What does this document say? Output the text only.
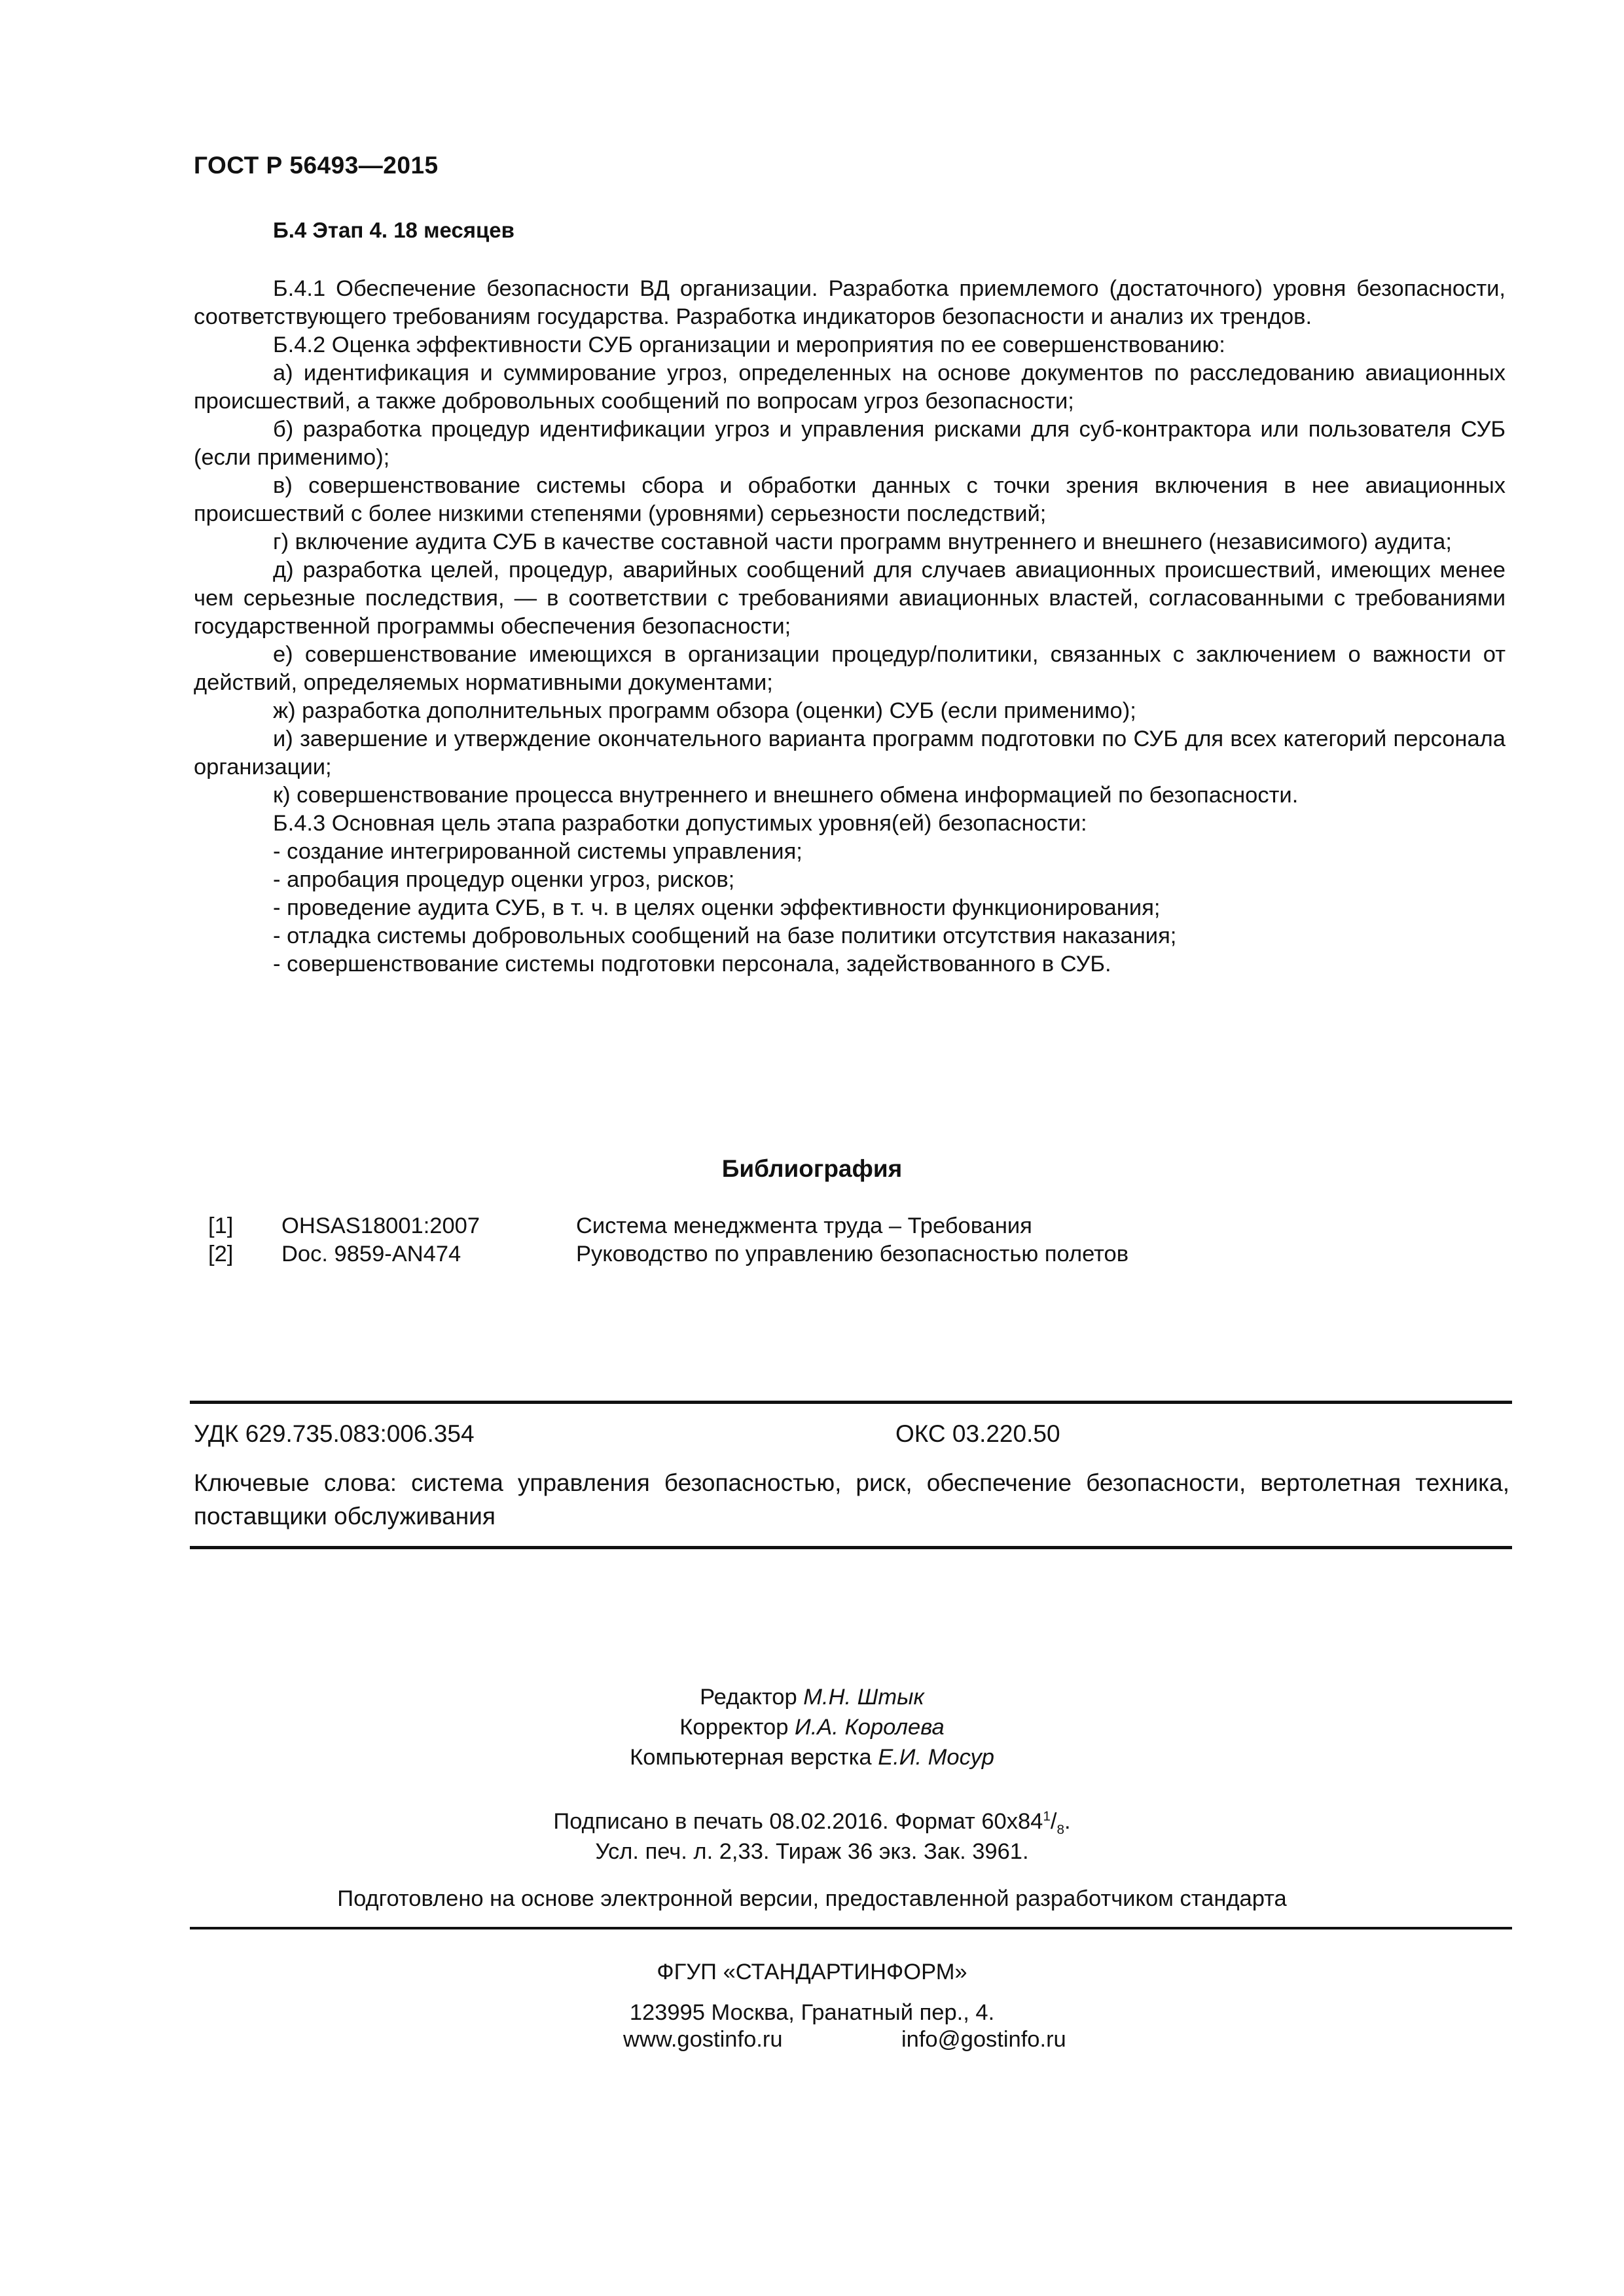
ГОСТ Р 56493—2015
Б.4 Этап 4. 18 месяцев

Б.4.1 Обеспечение безопасности ВД организации. Разработка приемлемого (достаточного) уровня безопасности, соответствующего требованиям государства. Разработка индикаторов безопасности и анализ их трендов.

Б.4.2 Оценка эффективности СУБ организации и мероприятия по ее совершенствованию:

а) идентификация и суммирование угроз, определенных на основе документов по расследованию авиационных происшествий, а также добровольных сообщений по вопросам угроз безопасности;

б) разработка процедур идентификации угроз и управления рисками для суб-контрактора или пользователя СУБ (если применимо);

в) совершенствование системы сбора и обработки данных с точки зрения включения в нее авиационных происшествий с более низкими степенями (уровнями) серьезности последствий;

г) включение аудита СУБ в качестве составной части программ внутреннего и внешнего (независимого) аудита;

д) разработка целей, процедур, аварийных сообщений для случаев авиационных происшествий, имеющих менее чем серьезные последствия, — в соответствии с требованиями авиационных властей, согласованными с требованиями государственной программы обеспечения безопасности;

е) совершенствование имеющихся в организации процедур/политики, связанных с заключением о важности от действий, определяемых нормативными документами;

ж) разработка дополнительных программ обзора (оценки) СУБ (если применимо);

и) завершение и утверждение окончательного варианта программ подготовки по СУБ для всех категорий персонала организации;

к) совершенствование процесса внутреннего и внешнего обмена информацией по безопасности.

Б.4.3 Основная цель этапа разработки допустимых уровня(ей) безопасности:

- создание интегрированной системы управления;

- апробация процедур оценки угроз, рисков;

- проведение аудита СУБ, в т. ч. в целях оценки эффективности функционирования;

- отладка системы добровольных сообщений на базе политики отсутствия наказания;

- совершенствование системы подготовки персонала, задействованного в СУБ.

Библиография
[1] OHSAS18001:2007	Система менеджмента труда – Требования
[2] Doc. 9859-AN474	Руководство по управлению безопасностью полетов
УДК 629.735.083:006.354	ОКС 03.220.50

Ключевые слова: система управления безопасностью, риск, обеспечение безопасности, вертолетная техника, поставщики обслуживания

Редактор М.Н. Штык
Корректор И.А. Королева
Компьютерная верстка Е.И. Мосур
Подписано в печать 08.02.2016. Формат $60х84^1/_8$.
Усл. печ. л. 2,33. Тираж 36 экз. Зак. 3961.
Подготовлено на основе электронной версии, предоставленной разработчиком стандарта
ФГУП «СТАНДАРТИНФОРМ»
123995 Москва, Гранатный пер., 4.
www.gostinfo.ru	info@gostinfo.ru
